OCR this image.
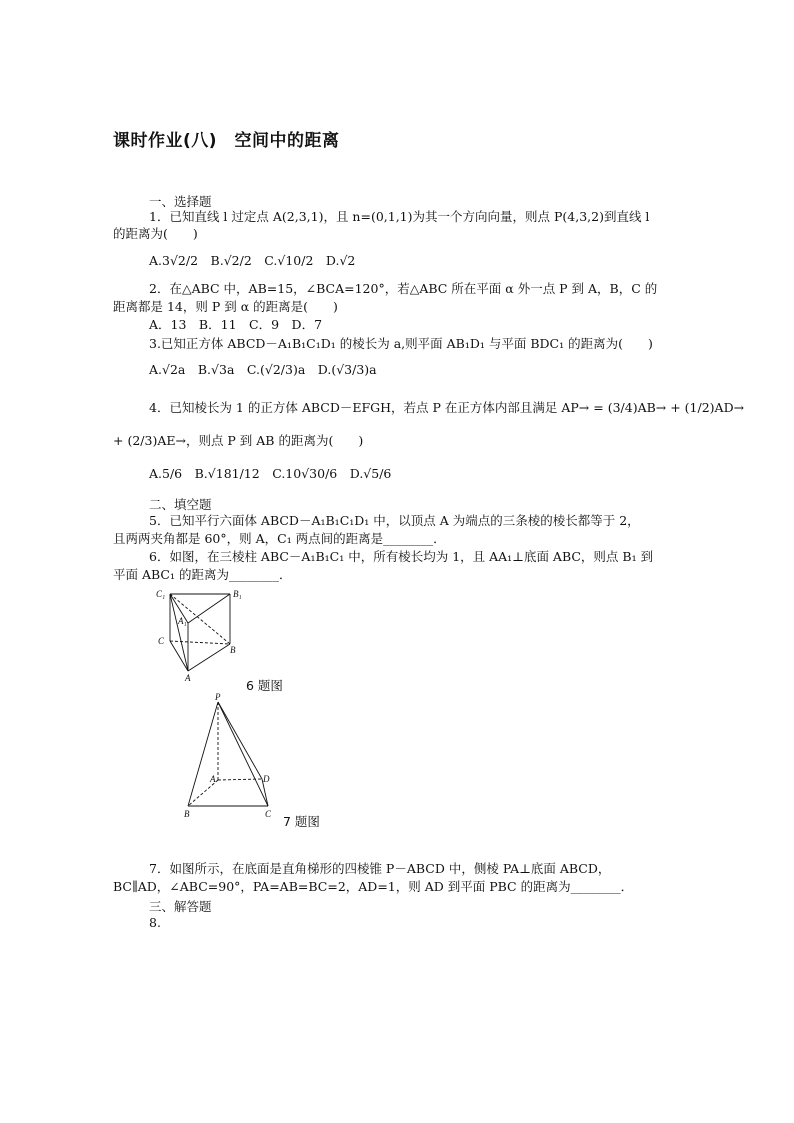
课时作业(八)　空间中的距离
一、选择题
1．已知直线 l 过定点 A(2,3,1)，且 n=(0,1,1)为其一个方向向量，则点 P(4,3,2)到直线 l
的距离为(　　)
A.3√2/2　B.√2/2　C.√10/2　D.√2
2．在△ABC 中，AB=15，∠BCA=120°，若△ABC 所在平面 α 外一点 P 到 A，B，C 的
距离都是 14，则 P 到 α 的距离是(　　)
A．13　B．11　C．9　D．7
3.已知正方体 ABCD－A₁B₁C₁D₁ 的棱长为 a,则平面 AB₁D₁ 与平面 BDC₁ 的距离为(　　)
A.√2a　B.√3a　C.(√2/3)a　D.(√3/3)a
4．已知棱长为 1 的正方体 ABCD－EFGH，若点 P 在正方体内部且满足 AP→ = (3/4)AB→ + (1/2)AD→
+ (2/3)AE→，则点 P 到 AB 的距离为(　　)
A.5/6　B.√181/12　C.10√30/6　D.√5/6
二、填空题
5．已知平行六面体 ABCD－A₁B₁C₁D₁ 中，以顶点 A 为端点的三条棱的棱长都等于 2，
且两两夹角都是 60°，则 A，C₁ 两点间的距离是________．
6．如图，在三棱柱 ABC－A₁B₁C₁ 中，所有棱长均为 1，且 AA₁⊥底面 ABC，则点 B₁ 到
平面 ABC₁ 的距离为________．
C₁	B₁
A₁
C
B
A	6 题图
P
A	D
B	C 7 题图
7．如图所示，在底面是直角梯形的四棱锥 P－ABCD 中，侧棱 PA⊥底面 ABCD，
BC∥AD，∠ABC=90°，PA=AB=BC=2，AD=1，则 AD 到平面 PBC 的距离为________．
三、解答题
8.
